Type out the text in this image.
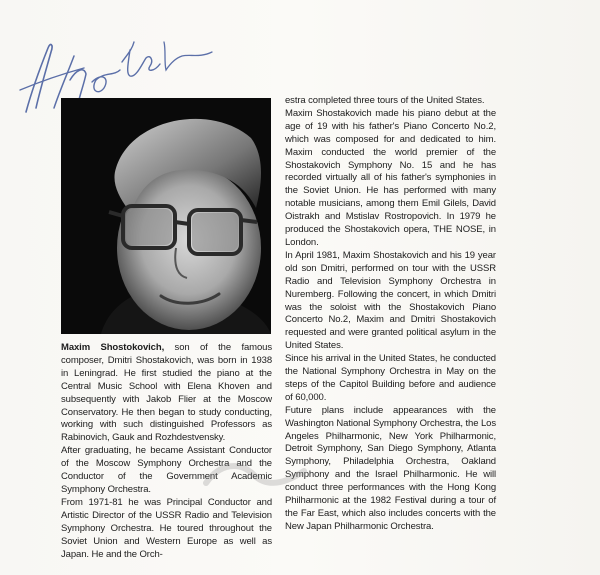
Maxim Shostokovich, son of the famous composer, Dmitri Shostakovich, was born in 1938 in Leningrad. He first studied the piano at the Central Music School with Elena Khoven and subsequently with Jakob Flier at the Moscow Conservatory. He then began to study conducting, working with such distinguished Professors as Rabinovich, Gauk and Rozhdestvensky.

After graduating, he became Assistant Conductor of the Moscow Symphony Orchestra and the Conductor of the Government Academic Symphony Orchestra.

From 1971-81 he was Principal Conductor and Artistic Director of the USSR Radio and Television Symphony Orchestra. He toured throughout the Soviet Union and Western Europe as well as Japan. He and the Orch-

estra completed three tours of the United States.

Maxim Shostakovich made his piano debut at the age of 19 with his father's Piano Concerto No.2, which was composed for and dedicated to him. Maxim conducted the world premier of the Shostakovich Symphony No. 15 and he has recorded virtually all of his father's symphonies in the Soviet Union. He has performed with many notable musicians, among them Emil Gilels, David Oistrakh and Mstislav Rostropovich. In 1979 he produced the Shostakovich opera, THE NOSE, in London.

In April 1981, Maxim Shostakovich and his 19 year old son Dmitri, performed on tour with the USSR Radio and Television Symphony Orchestra in Nuremberg. Following the concert, in which Dmitri was the soloist with the Shostakovich Piano Concerto No.2, Maxim and Dmitri Shostakovich requested and were granted political asylum in the United States.

Since his arrival in the United States, he conducted the National Symphony Orchestra in May on the steps of the Capitol Building before and audience of 60,000.

Future plans include appearances with the Washington National Symphony Orchestra, the Los Angeles Philharmonic, New York Philharmonic, Detroit Symphony, San Diego Symphony, Atlanta Symphony, Philadelphia Orchestra, Oakland Symphony and the Israel Philharmonic. He will conduct three performances with the Hong Kong Philharmonic at the 1982 Festival during a tour of the Far East, which also includes concerts with the New Japan Philharmonic Orchestra.
